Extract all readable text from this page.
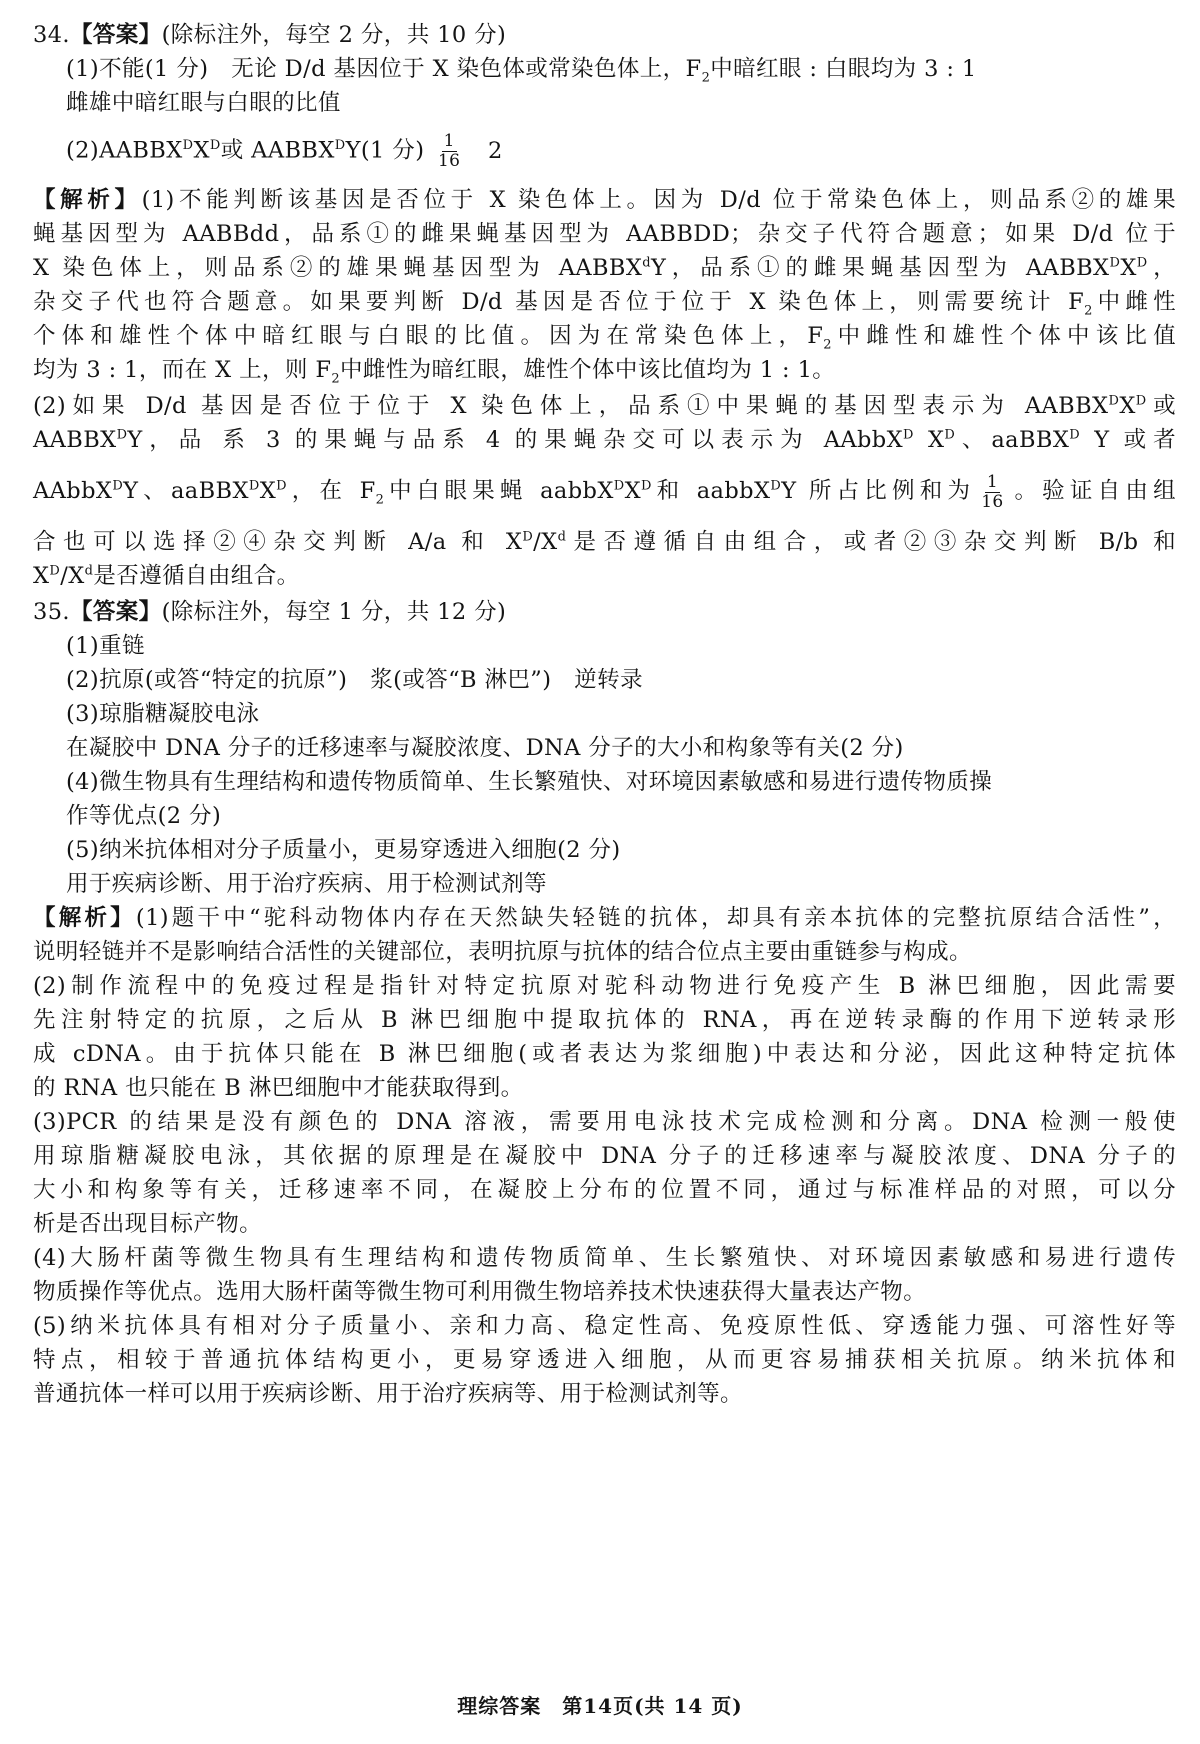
34.【答案】(除标注外，每空 2 分，共 10 分)
(1)不能(1 分)　无论 D/d 基因位于 X 染色体或常染色体上，$F_2$中暗红眼 : 白眼均为 3 : 1
雌雄中暗红眼与白眼的比值
$(2)AABBX^DX^D$或 $AABBX^DY(1$ 分) $\frac{1}{16} 2$
【解析】(1)不能判断该基因是否位于 X 染色体上。因为 D/d 位于常染色体上，则品系②的雄果
蝇基因型为 AABBdd，品系①的雌果蝇基因型为 AABBDD；杂交子代符合题意；如果 D/d 位于
X 染色体上，则品系②的雄果蝇基因型为 AABBX$^d$Y，品系①的雌果蝇基因型为 $AABBX^DX^D$，
杂交子代也符合题意。如果要判断 D/d 基因是否位于位于 X 染色体上，则需要统计 $F_2$中雌性
个体和雄性个体中暗红眼与白眼的比值。因为在常染色体上，$F_2$中雌性和雄性个体中该比值
均为 3 : 1，而在 X 上，则 $F_2$中雌性为暗红眼，雄性个体中该比值均为 1 : 1。
(2)如果 D/d 基因是否位于位于 X 染色体上，品系①中果蝇的基因型表示为 $AABBX^DX^D$或
$AABBX^DY$，品 系 3 的果蝇与品系 4 的果蝇杂交可以表示为 AAbbX$^D$ $X^D$、aaBBX$^D$ Y 或者
AAbbX$^D$Y、$aaBBX^DX^D$，在 $F_2$中白眼果蝇 $aabbX^DX^D$和 aabbX$^D$Y 所占比例和为 $\frac{1}{16}$ 。验证自由组
合也可以选择②④杂交判断 A/a 和 $X^D/X^d$是否遵循自由组合，或者②③杂交判断 B/b 和
$X^D/X^d$是否遵循自由组合。
35.【答案】(除标注外，每空 1 分，共 12 分)
(1)重链
(2)抗原(或答“特定的抗原”)　浆(或答“B 淋巴”)　逆转录
(3)琼脂糖凝胶电泳
在凝胶中 DNA 分子的迁移速率与凝胶浓度、DNA 分子的大小和构象等有关(2 分)
(4)微生物具有生理结构和遗传物质简单、生长繁殖快、对环境因素敏感和易进行遗传物质操
作等优点(2 分)
(5)纳米抗体相对分子质量小，更易穿透进入细胞(2 分)
用于疾病诊断、用于治疗疾病、用于检测试剂等
【解析】(1)题干中“驼科动物体内存在天然缺失轻链的抗体，却具有亲本抗体的完整抗原结合活性”，
说明轻链并不是影响结合活性的关键部位，表明抗原与抗体的结合位点主要由重链参与构成。
(2)制作流程中的免疫过程是指针对特定抗原对驼科动物进行免疫产生 B 淋巴细胞，因此需要
先注射特定的抗原，之后从 B 淋巴细胞中提取抗体的 RNA，再在逆转录酶的作用下逆转录形
成 cDNA。由于抗体只能在 B 淋巴细胞(或者表达为浆细胞)中表达和分泌，因此这种特定抗体
的 RNA 也只能在 B 淋巴细胞中才能获取得到。
(3)PCR 的结果是没有颜色的 DNA 溶液，需要用电泳技术完成检测和分离。DNA 检测一般使
用琼脂糖凝胶电泳，其依据的原理是在凝胶中 DNA 分子的迁移速率与凝胶浓度、DNA 分子的
大小和构象等有关，迁移速率不同，在凝胶上分布的位置不同，通过与标准样品的对照，可以分
析是否出现目标产物。
(4)大肠杆菌等微生物具有生理结构和遗传物质简单、生长繁殖快、对环境因素敏感和易进行遗传
物质操作等优点。选用大肠杆菌等微生物可利用微生物培养技术快速获得大量表达产物。
(5)纳米抗体具有相对分子质量小、亲和力高、稳定性高、免疫原性低、穿透能力强、可溶性好等
特点，相较于普通抗体结构更小，更易穿透进入细胞，从而更容易捕获相关抗原。纳米抗体和
普通抗体一样可以用于疾病诊断、用于治疗疾病等、用于检测试剂等。
理综答案　第14页(共 14 页)
